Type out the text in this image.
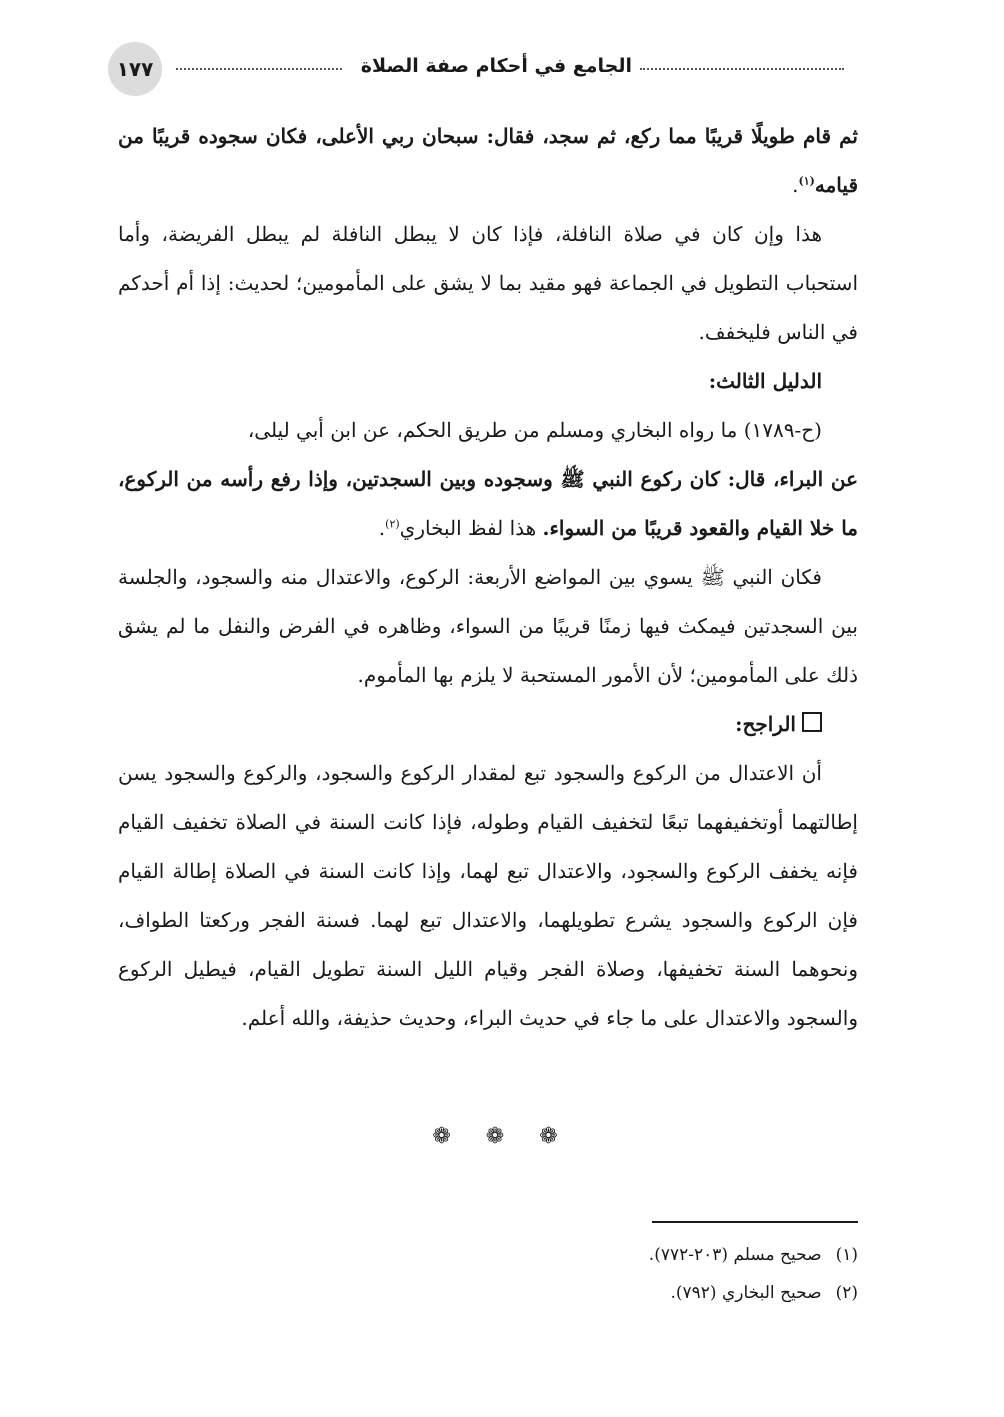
١٧٧	الجامع في أحكام صفة الصلاة

ثم قام طويلًا قريبًا مما ركع، ثم سجد، فقال: سبحان ربي الأعلى، فكان سجوده قريبًا من قيامه$^{(١)}$.

هذا وإن كان في صلاة النافلة، فإذا كان لا يبطل النافلة لم يبطل الفريضة، وأما استحباب التطويل في الجماعة فهو مقيد بما لا يشق على المأمومين؛ لحديث: إذا أم أحدكم في الناس فليخفف.

الدليل الثالث:

(ح-١٧٨٩) ما رواه البخاري ومسلم من طريق الحكم، عن ابن أبي ليلى،

عن البراء، قال: كان ركوع النبي ﷺ وسجوده وبين السجدتين، وإذا رفع رأسه من الركوع، ما خلا القيام والقعود قريبًا من السواء. هذا لفظ البخاري$^{(٢)}$.

فكان النبي ﷺ يسوي بين المواضع الأربعة: الركوع، والاعتدال منه والسجود، والجلسة بين السجدتين فيمكث فيها زمنًا قريبًا من السواء، وظاهره في الفرض والنفل ما لم يشق ذلك على المأمومين؛ لأن الأمور المستحبة لا يلزم بها المأموم.

الراجح:

أن الاعتدال من الركوع والسجود تبع لمقدار الركوع والسجود، والركوع والسجود يسن إطالتهما أوتخفيفهما تبعًا لتخفيف القيام وطوله، فإذا كانت السنة في الصلاة تخفيف القيام فإنه يخفف الركوع والسجود، والاعتدال تبع لهما، وإذا كانت السنة في الصلاة إطالة القيام فإن الركوع والسجود يشرع تطويلهما، والاعتدال تبع لهما. فسنة الفجر وركعتا الطواف، ونحوهما السنة تخفيفها، وصلاة الفجر وقيام الليل السنة تطويل القيام، فيطيل الركوع والسجود والاعتدال على ما جاء في حديث البراء، وحديث حذيفة، والله أعلم.

❁ ❁ ❁
(١)صحيح مسلم (٢٠٣-٧٧٢).
(٢)صحيح البخاري (٧٩٢).
